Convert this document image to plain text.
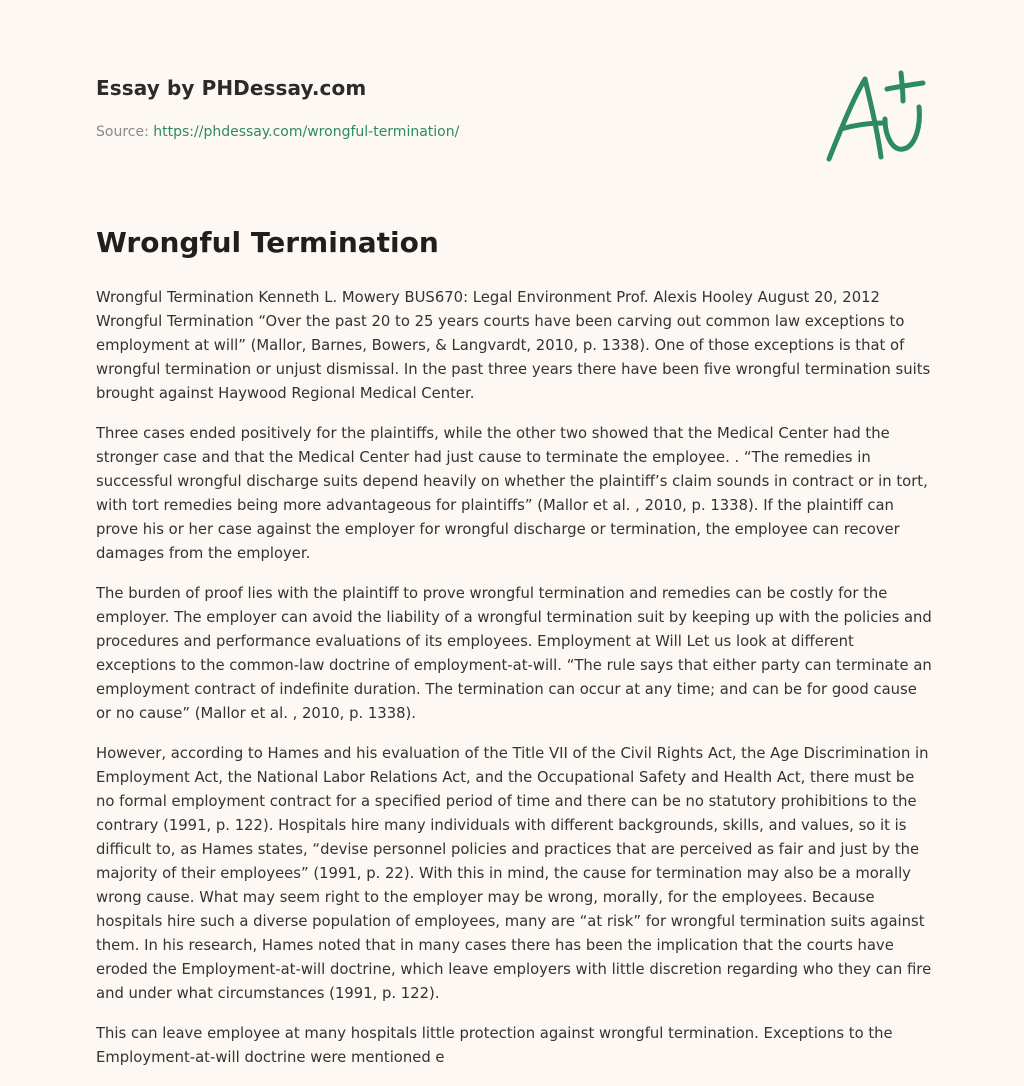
Essay by PHDessay.com
Source: https://phdessay.com/wrongful-termination/
Wrongful Termination

Wrongful Termination Kenneth L. Mowery BUS670: Legal Environment Prof. Alexis Hooley August 20, 2012 Wrongful Termination “Over the past 20 to 25 years courts have been carving out common law exceptions to employment at will” (Mallor, Barnes, Bowers, & Langvardt, 2010, p. 1338). One of those exceptions is that of wrongful termination or unjust dismissal. In the past three years there have been five wrongful termination suits brought against Haywood Regional Medical Center.

Three cases ended positively for the plaintiffs, while the other two showed that the Medical Center had the stronger case and that the Medical Center had just cause to terminate the employee. . “The remedies in successful wrongful discharge suits depend heavily on whether the plaintiff’s claim sounds in contract or in tort, with tort remedies being more advantageous for plaintiffs” (Mallor et al. , 2010, p. 1338). If the plaintiff can prove his or her case against the employer for wrongful discharge or termination, the employee can recover damages from the employer.

The burden of proof lies with the plaintiff to prove wrongful termination and remedies can be costly for the employer. The employer can avoid the liability of a wrongful termination suit by keeping up with the policies and procedures and performance evaluations of its employees. Employment at Will Let us look at different exceptions to the common-law doctrine of employment-at-will. “The rule says that either party can terminate an employment contract of indefinite duration. The termination can occur at any time; and can be for good cause or no cause” (Mallor et al. , 2010, p. 1338).

However, according to Hames and his evaluation of the Title VII of the Civil Rights Act, the Age Discrimination in Employment Act, the National Labor Relations Act, and the Occupational Safety and Health Act, there must be no formal employment contract for a specified period of time and there can be no statutory prohibitions to the contrary (1991, p. 122). Hospitals hire many individuals with different backgrounds, skills, and values, so it is difficult to, as Hames states, “devise personnel policies and practices that are perceived as fair and just by the majority of their employees” (1991, p. 22). With this in mind, the cause for termination may also be a morally wrong cause. What may seem right to the employer may be wrong, morally, for the employees. Because hospitals hire such a diverse population of employees, many are “at risk” for wrongful termination suits against them. In his research, Hames noted that in many cases there has been the implication that the courts have eroded the Employment-at-will doctrine, which leave employers with little discretion regarding who they can fire and under what circumstances (1991, p. 122).

This can leave employee at many hospitals little protection against wrongful termination. Exceptions to the Employment-at-will doctrine were mentioned e
